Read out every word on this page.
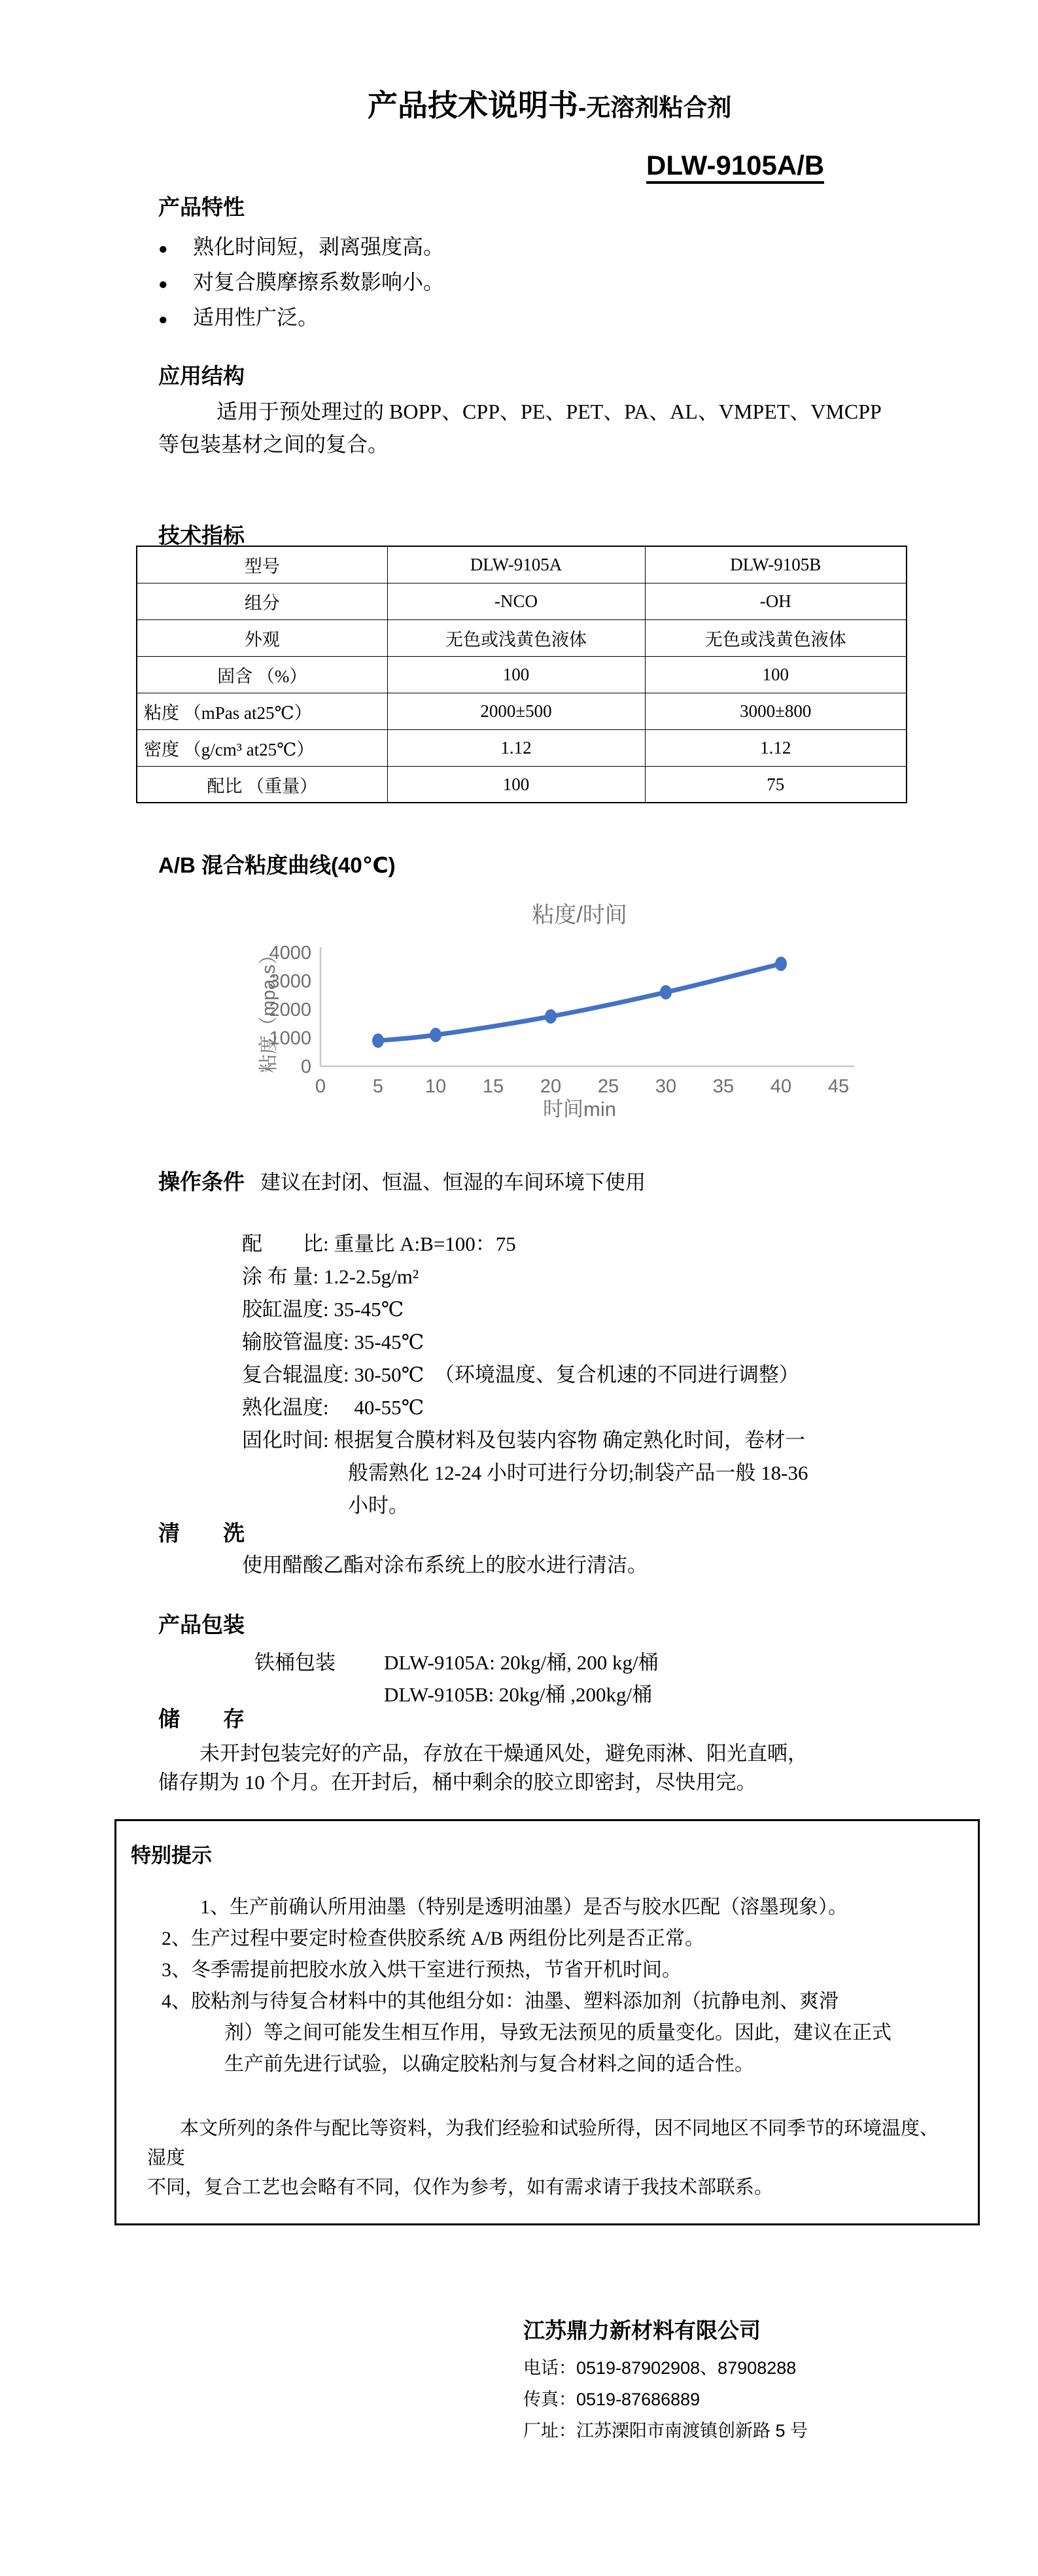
产品技术说明书-无溶剂粘合剂
DLW-9105A/B
产品特性
●	熟化时间短，剥离强度高。
●	对复合膜摩擦系数影响小。
●	适用性广泛。
应用结构
适用于预处理过的 BOPP、CPP、PE、PET、PA、AL、VMPET、VMCPP
等包装基材之间的复合。
技术指标
型号	DLW-9105A	DLW-9105B
组分	-NCO	-OH
外观	无色或浅黄色液体	无色或浅黄色液体
固含 （%）	100	100
粘度 （mPas at25℃）	2000±500	3000±800
密度 （g/cm³ at25℃）	1.12	1.12
配比 （重量）	100	75
A/B 混合粘度曲线(40℃)
0
1000
2000
3000
4000
0 5 10 15 20 25 30 35 40 45
粘度/时间
时间min
粘度（mpa.s）
操作条件 建议在封闭、恒温、恒湿的车间环境下使用
配　　比: 重量比 A:B=100：75
涂 布 量: 1.2-2.5g/m²
胶缸温度: 35-45℃
输胶管温度: 35-45℃
复合辊温度: 30-50℃　（环境温度、复合机速的不同进行调整）
熟化温度:　 40-55℃
固化时间: 根据复合膜材料及包装内容物 确定熟化时间，卷材一
般需熟化 12-24 小时可进行分切;制袋产品一般 18-36
小时。
清　　洗
使用醋酸乙酯对涂布系统上的胶水进行清洁。
产品包装
铁桶包装	DLW-9105A: 20kg/桶, 200 kg/桶
DLW-9105B: 20kg/桶 ,200kg/桶
储　　存
未开封包装完好的产品，存放在干燥通风处，避免雨淋、阳光直晒，
储存期为 10 个月。在开封后，桶中剩余的胶立即密封，尽快用完。
特别提示
1、生产前确认所用油墨（特别是透明油墨）是否与胶水匹配（溶墨现象）。
2、生产过程中要定时检查供胶系统 A/B 两组份比列是否正常。
3、冬季需提前把胶水放入烘干室进行预热，节省开机时间。
4、胶粘剂与待复合材料中的其他组分如：油墨、塑料添加剂（抗静电剂、爽滑
剂）等之间可能发生相互作用，导致无法预见的质量变化。因此，建议在正式
生产前先进行试验，以确定胶粘剂与复合材料之间的适合性。
本文所列的条件与配比等资料，为我们经验和试验所得，因不同地区不同季节的环境温度、湿度
不同，复合工艺也会略有不同，仅作为参考，如有需求请于我技术部联系。
江苏鼎力新材料有限公司
电话：0519-87902908、87908288
传真：0519-87686889
厂址：江苏溧阳市南渡镇创新路 5 号
